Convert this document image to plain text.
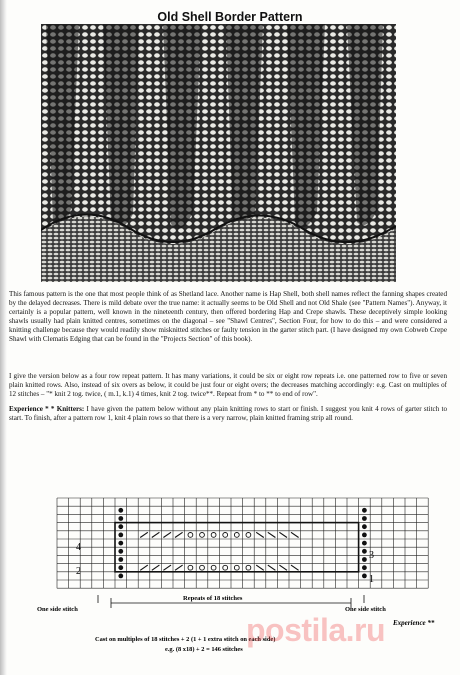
Old Shell Border Pattern
This famous pattern is the one that most people think of as Shetland lace. Another name is Hap Shell, both shell names reflect the fanning shapes created by the delayed decreases. There is mild debate over the true name: it actually seems to be Old Shell and not Old Shale (see "Pattern Names"). Anyway, it certainly is a popular pattern, well known in the nineteenth century, then offered bordering Hap and Crepe shawls. These deceptively simple looking shawls usually had plain knitted centres, sometimes on the diagonal – see "Shawl Centres", Section Four, for how to do this – and were considered a knitting challenge because they would readily show misknitted stitches or faulty tension in the garter stitch part. (I have designed my own Cobweb Crepe Shawl with Clematis Edging that can be found in the "Projects Section" of this book).
I give the version below as a four row repeat pattern. It has many variations, it could be six or eight row repeats i.e. one patterned row to five or seven plain knitted rows. Also, instead of six overs as below, it could be just four or eight overs; the decreases matching accordingly: e.g. Cast on multiples of 12 stitches – "* knit 2 tog. twice, ( m.1, k.1) 4 times, knit 2 tog. twice**. Repeat from * to ** to end of row".
Experience * * Knitters: I have given the pattern below without any plain knitting rows to start or finish. I suggest you knit 4 rows of garter stitch to start. To finish, after a pattern row 1, knit 4 plain rows so that there is a very narrow, plain knitted framing strip all round.
4
2
3
1
One side stitch
Repeats of 18 stitches
One side stitch
Experience **
Cast on multiples of 18 stitches + 2 (1 + 1 extra stitch on each side)
e.g. (8 x18) + 2 = 146 stitches
postila.ru
